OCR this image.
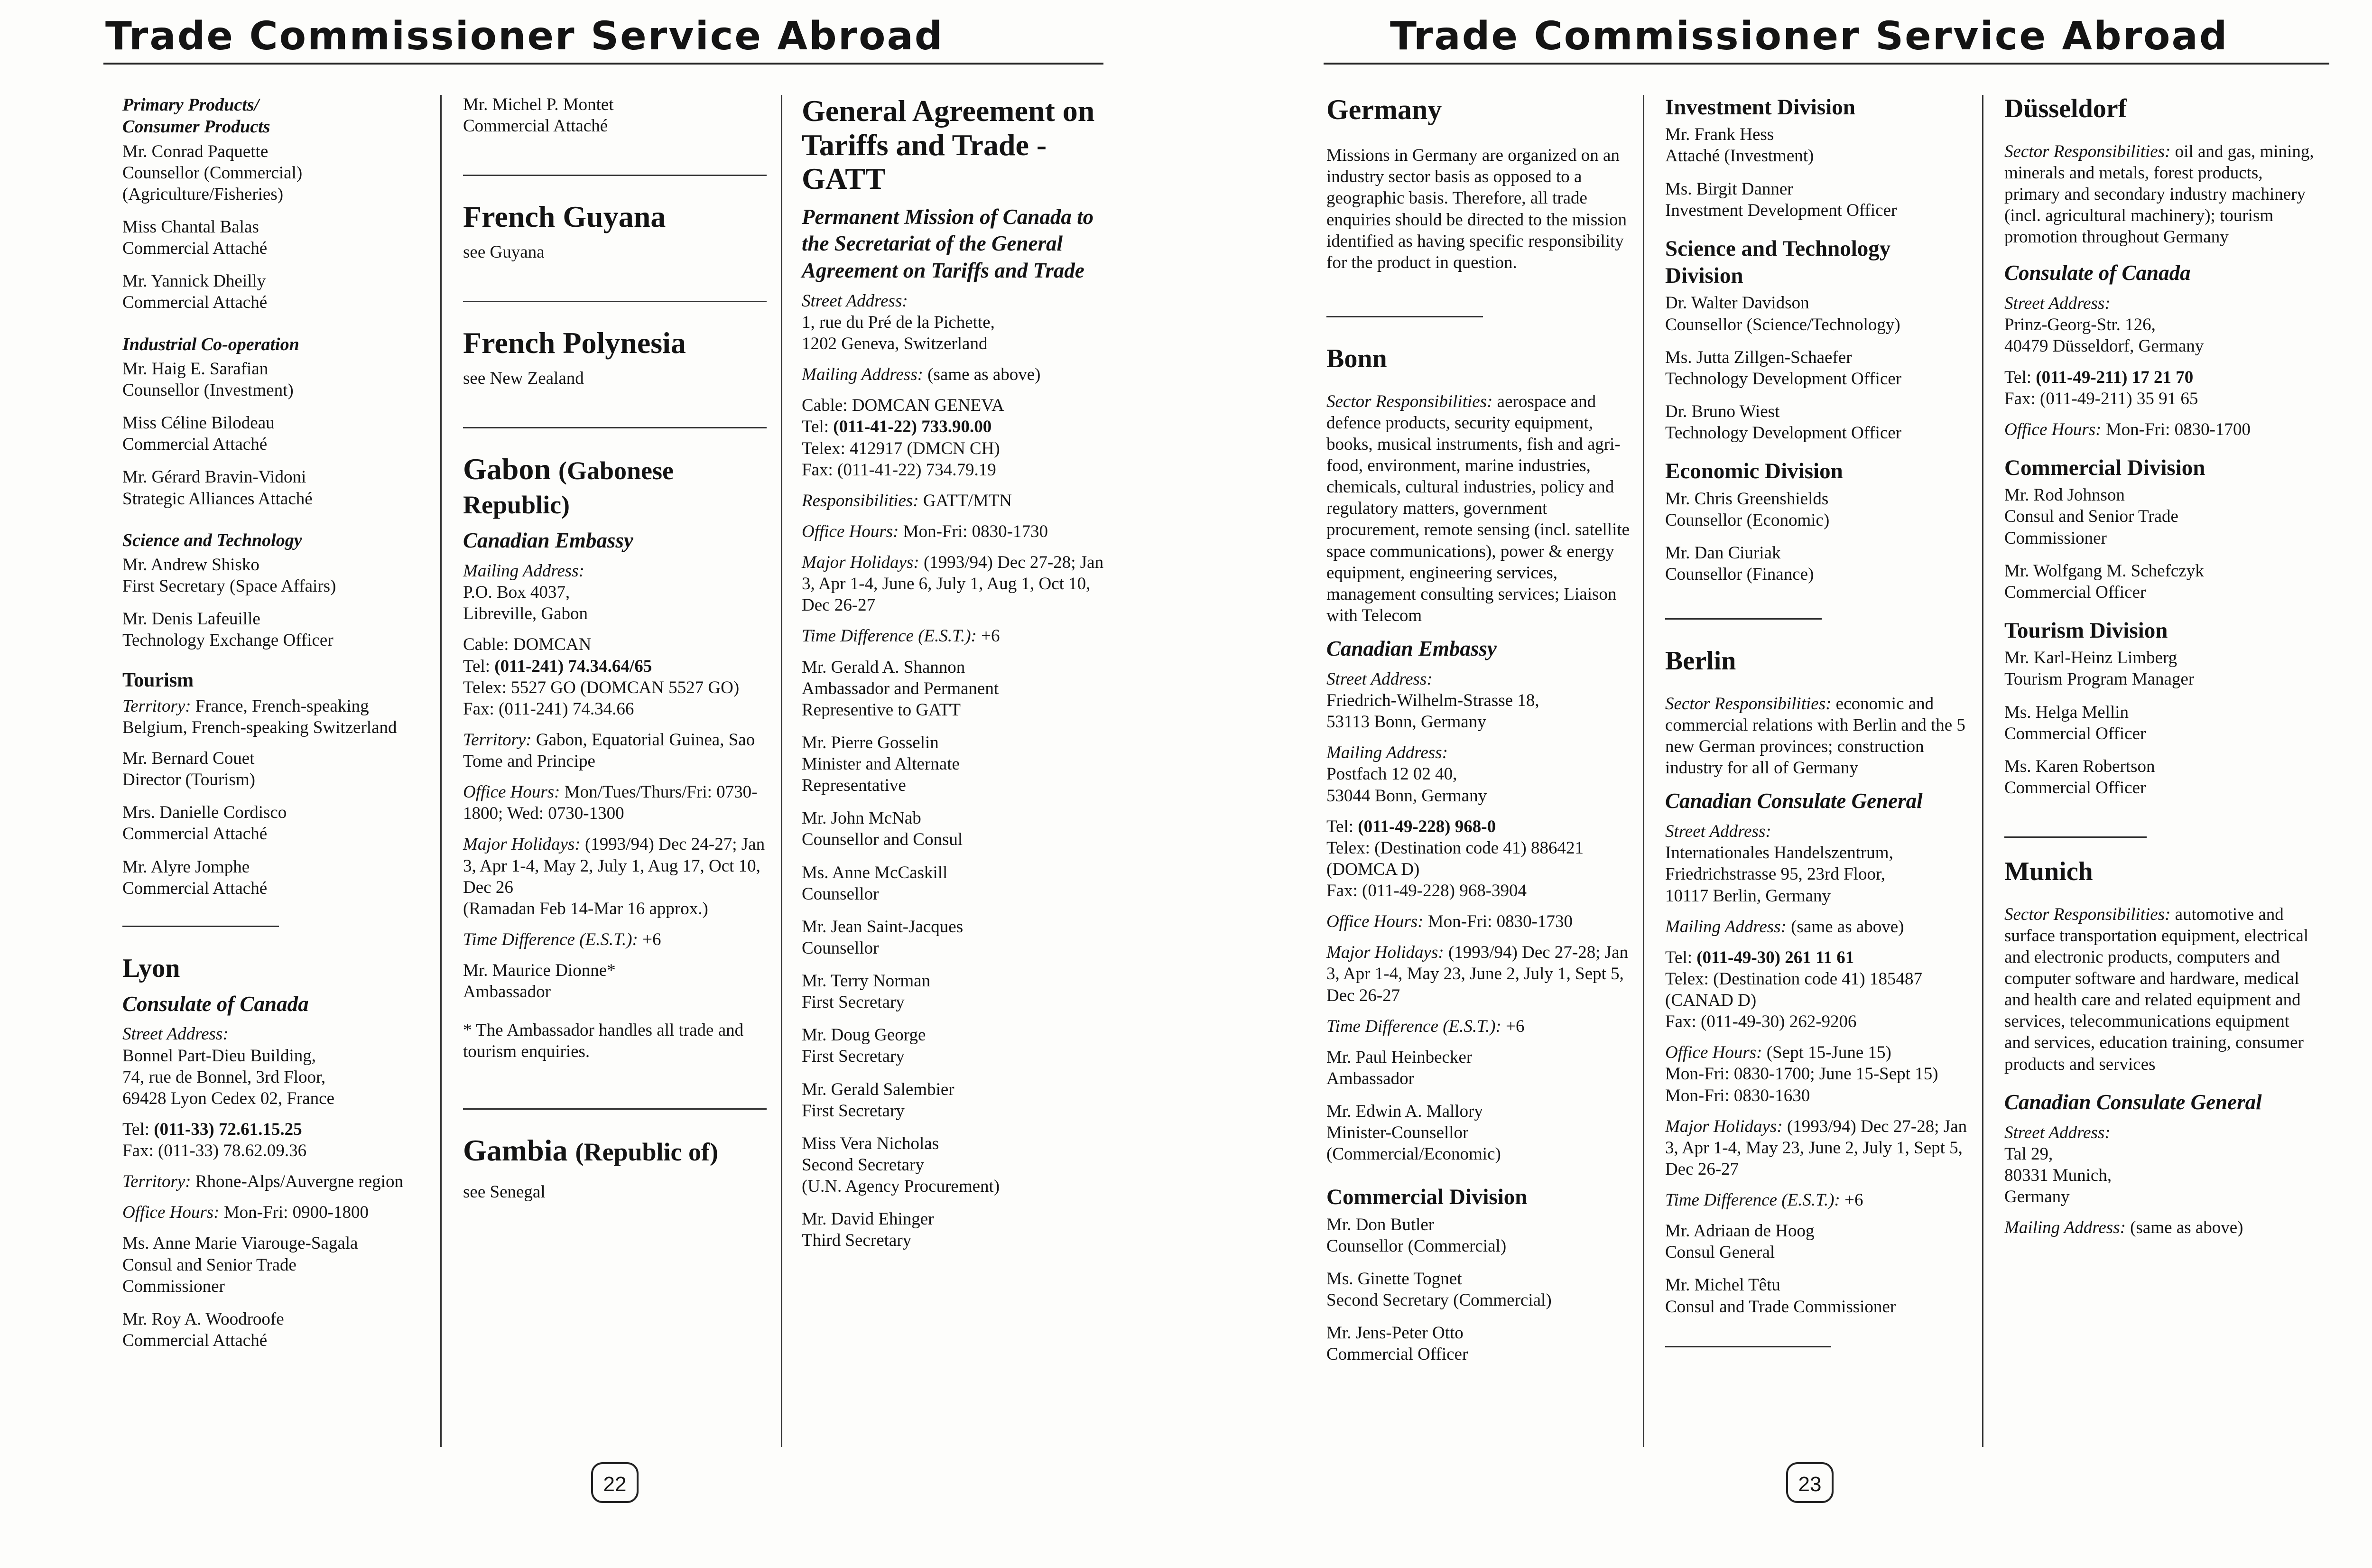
Trade Commissioner Service Abroad
Primary Products/
Consumer Products
Mr. Conrad Paquette
Counsellor (Commercial)
(Agriculture/Fisheries)
Miss Chantal Balas
Commercial Attaché
Mr. Yannick Dheilly
Commercial Attaché
Industrial Co-operation
Mr. Haig E. Sarafian
Counsellor (Investment)
Miss Céline Bilodeau
Commercial Attaché
Mr. Gérard Bravin-Vidoni
Strategic Alliances Attaché
Science and Technology
Mr. Andrew Shisko
First Secretary (Space Affairs)
Mr. Denis Lafeuille
Technology Exchange Officer
Tourism
Territory: France, French-speaking Belgium, French-speaking Switzerland
Mr. Bernard Couet
Director (Tourism)
Mrs. Danielle Cordisco
Commercial Attaché
Mr. Alyre Jomphe
Commercial Attaché
Lyon
Consulate of Canada
Street Address:
Bonnel Part-Dieu Building,
74, rue de Bonnel, 3rd Floor,
69428 Lyon Cedex 02, France
Tel: (011-33) 72.61.15.25
Fax: (011-33) 78.62.09.36
Territory: Rhone-Alps/Auvergne region
Office Hours: Mon-Fri: 0900-1800
Ms. Anne Marie Viarouge-Sagala
Consul and Senior Trade
Commissioner
Mr. Roy A. Woodroofe
Commercial Attaché
Mr. Michel P. Montet
Commercial Attaché
French Guyana
see Guyana
French Polynesia
see New Zealand
Gabon (Gabonese Republic)
Canadian Embassy
Mailing Address:
P.O. Box 4037,
Libreville, Gabon
Cable: DOMCAN
Tel: (011-241) 74.34.64/65
Telex: 5527 GO (DOMCAN 5527 GO)
Fax: (011-241) 74.34.66
Territory: Gabon, Equatorial Guinea, Sao Tome and Principe
Office Hours: Mon/Tues/Thurs/Fri: 0730-1800; Wed: 0730-1300
Major Holidays: (1993/94) Dec 24-27; Jan 3, Apr 1-4, May 2, July 1, Aug 17, Oct 10, Dec 26
(Ramadan Feb 14-Mar 16 approx.)
Time Difference (E.S.T.): +6
Mr. Maurice Dionne*
Ambassador
* The Ambassador handles all trade and tourism enquiries.
Gambia (Republic of)
see Senegal
General Agreement on Tariffs and Trade - GATT
Permanent Mission of Canada to the Secretariat of the General Agreement on Tariffs and Trade
Street Address:
1, rue du Pré de la Pichette,
1202 Geneva, Switzerland
Mailing Address: (same as above)
Cable: DOMCAN GENEVA
Tel: (011-41-22) 733.90.00
Telex: 412917 (DMCN CH)
Fax: (011-41-22) 734.79.19
Responsibilities: GATT/MTN
Office Hours: Mon-Fri: 0830-1730
Major Holidays: (1993/94) Dec 27-28; Jan 3, Apr 1-4, June 6, July 1, Aug 1, Oct 10, Dec 26-27
Time Difference (E.S.T.): +6
Mr. Gerald A. Shannon
Ambassador and Permanent
Representive to GATT
Mr. Pierre Gosselin
Minister and Alternate
Representative
Mr. John McNab
Counsellor and Consul
Ms. Anne McCaskill
Counsellor
Mr. Jean Saint-Jacques
Counsellor
Mr. Terry Norman
First Secretary
Mr. Doug George
First Secretary
Mr. Gerald Salembier
First Secretary
Miss Vera Nicholas
Second Secretary
(U.N. Agency Procurement)
Mr. David Ehinger
Third Secretary
22
Trade Commissioner Service Abroad
Germany
Missions in Germany are organized on an industry sector basis as opposed to a geographic basis. Therefore, all trade enquiries should be directed to the mission identified as having specific responsibility for the product in question.
Bonn
Sector Responsibilities: aerospace and defence products, security equipment, books, musical instruments, fish and agri-food, environment, marine industries, chemicals, cultural industries, policy and regulatory matters, government procurement, remote sensing (incl. satellite space communications), power & energy equipment, engineering services, management consulting services; Liaison with Telecom
Canadian Embassy
Street Address:
Friedrich-Wilhelm-Strasse 18,
53113 Bonn, Germany
Mailing Address:
Postfach 12 02 40,
53044 Bonn, Germany
Tel: (011-49-228) 968-0
Telex: (Destination code 41) 886421 (DOMCA D)
Fax: (011-49-228) 968-3904
Office Hours: Mon-Fri: 0830-1730
Major Holidays: (1993/94) Dec 27-28; Jan 3, Apr 1-4, May 23, June 2, July 1, Sept 5, Dec 26-27
Time Difference (E.S.T.): +6
Mr. Paul Heinbecker
Ambassador
Mr. Edwin A. Mallory
Minister-Counsellor
(Commercial/Economic)
Commercial Division
Mr. Don Butler
Counsellor (Commercial)
Ms. Ginette Tognet
Second Secretary (Commercial)
Mr. Jens-Peter Otto
Commercial Officer
Investment Division
Mr. Frank Hess
Attaché (Investment)
Ms. Birgit Danner
Investment Development Officer
Science and Technology Division
Dr. Walter Davidson
Counsellor (Science/Technology)
Ms. Jutta Zillgen-Schaefer
Technology Development Officer
Dr. Bruno Wiest
Technology Development Officer
Economic Division
Mr. Chris Greenshields
Counsellor (Economic)
Mr. Dan Ciuriak
Counsellor (Finance)
Berlin
Sector Responsibilities: economic and commercial relations with Berlin and the 5 new German provinces; construction industry for all of Germany
Canadian Consulate General
Street Address:
Internationales Handelszentrum,
Friedrichstrasse 95, 23rd Floor,
10117 Berlin, Germany
Mailing Address: (same as above)
Tel: (011-49-30) 261 11 61
Telex: (Destination code 41) 185487 (CANAD D)
Fax: (011-49-30) 262-9206
Office Hours: (Sept 15-June 15)
Mon-Fri: 0830-1700; June 15-Sept 15)
Mon-Fri: 0830-1630
Major Holidays: (1993/94) Dec 27-28; Jan 3, Apr 1-4, May 23, June 2, July 1, Sept 5, Dec 26-27
Time Difference (E.S.T.): +6
Mr. Adriaan de Hoog
Consul General
Mr. Michel Têtu
Consul and Trade Commissioner
Düsseldorf
Sector Responsibilities: oil and gas, mining, minerals and metals, forest products, primary and secondary industry machinery (incl. agricultural machinery); tourism promotion throughout Germany
Consulate of Canada
Street Address:
Prinz-Georg-Str. 126,
40479 Düsseldorf, Germany
Tel: (011-49-211) 17 21 70
Fax: (011-49-211) 35 91 65
Office Hours: Mon-Fri: 0830-1700
Commercial Division
Mr. Rod Johnson
Consul and Senior Trade
Commissioner
Mr. Wolfgang M. Schefczyk
Commercial Officer
Tourism Division
Mr. Karl-Heinz Limberg
Tourism Program Manager
Ms. Helga Mellin
Commercial Officer
Ms. Karen Robertson
Commercial Officer
Munich
Sector Responsibilities: automotive and surface transportation equipment, electrical and electronic products, computers and computer software and hardware, medical and health care and related equipment and services, telecommunications equipment and services, education training, consumer products and services
Canadian Consulate General
Street Address:
Tal 29,
80331 Munich,
Germany
Mailing Address: (same as above)
23
